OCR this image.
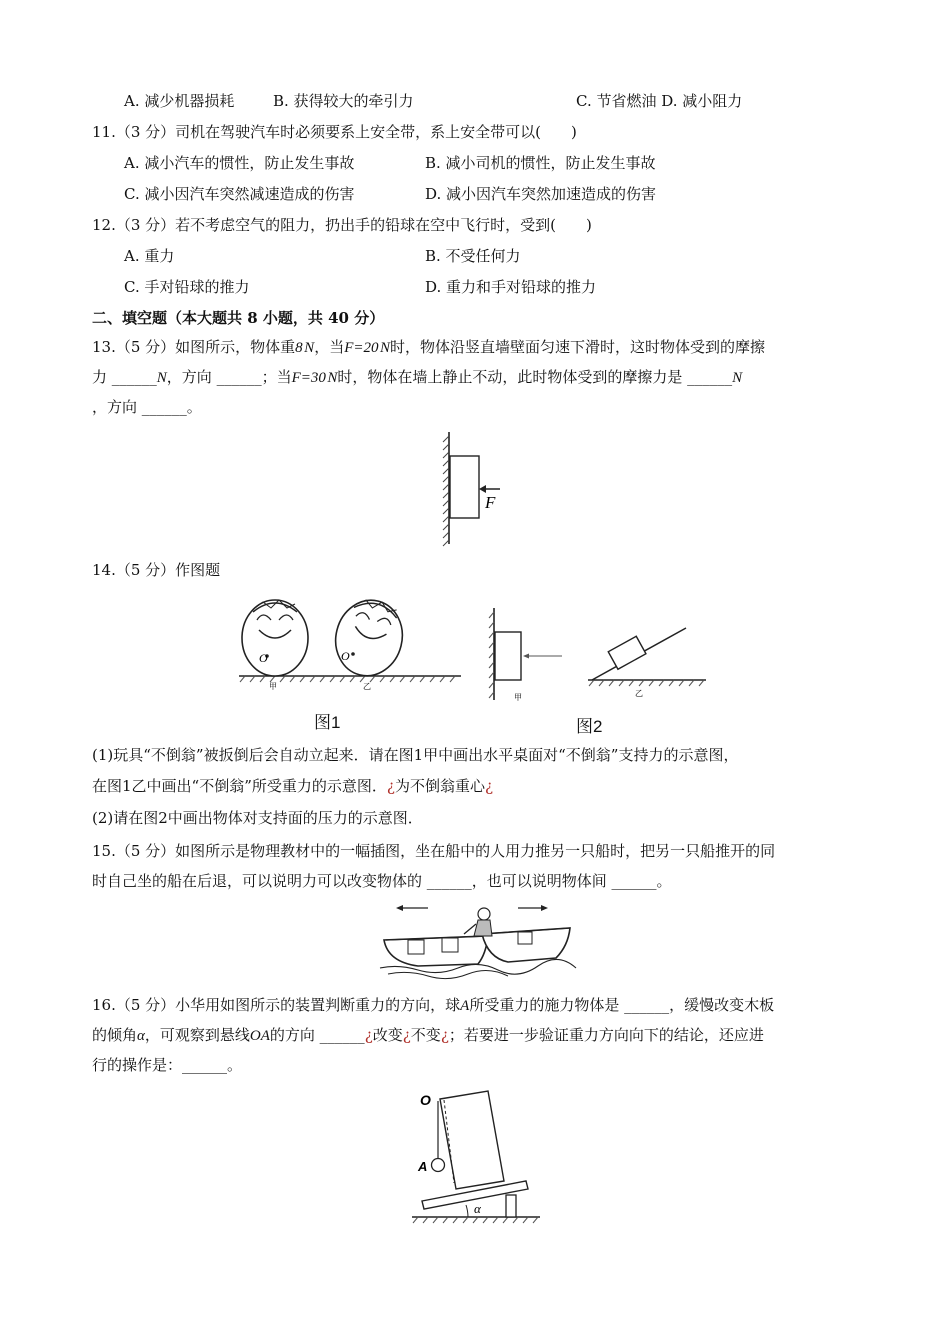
A. 减少机器损耗	B. 获得较大的牵引力	C. 节省燃油 D. 减小阻力
11.（3 分）司机在驾驶汽车时必须要系上安全带，系上安全带可以(　　)
A. 减小汽车的惯性，防止发生事故	B. 减小司机的惯性，防止发生事故
C. 减小因汽车突然减速造成的伤害	D. 减小因汽车突然加速造成的伤害
12.（3 分）若不考虑空气的阻力，扔出手的铅球在空中飞行时，受到(　　)
A. 重力	B. 不受任何力
C. 手对铅球的推力	D. 重力和手对铅球的推力
二、填空题（本大题共 8 小题，共 40 分）
13.（5 分）如图所示，物体重8  N，当F=20  N时，物体沿竖直墙壁面匀速下滑时，这时物体受到的摩擦
力 ______N，方向 ______；当F=30  N时，物体在墙上静止不动，此时物体受到的摩擦力是 ______N
，方向 ______。
F
14.（5 分）作图题
O
甲
O
乙
图1
甲	乙
图2
(1)玩具“不倒翁”被扳倒后会自动立起来．请在图1甲中画出水平桌面对“不倒翁”支持力的示意图，
在图1乙中画出“不倒翁”所受重力的示意图．¿为不倒翁重心¿
(2)请在图2中画出物体对支持面的压力的示意图．
15.（5 分）如图所示是物理教材中的一幅插图，坐在船中的人用力推另一只船时，把另一只船推开的同
时自己坐的船在后退，可以说明力可以改变物体的 ______，也可以说明物体间 ______。
16.（5 分）小华用如图所示的装置判断重力的方向，球A所受重力的施力物体是 ______，缓慢改变木板
的倾角α，可观察到悬线OA的方向 ______¿改变¿不变¿；若要进一步验证重力方向向下的结论，还应进
行的操作是：______。
O
A
α
